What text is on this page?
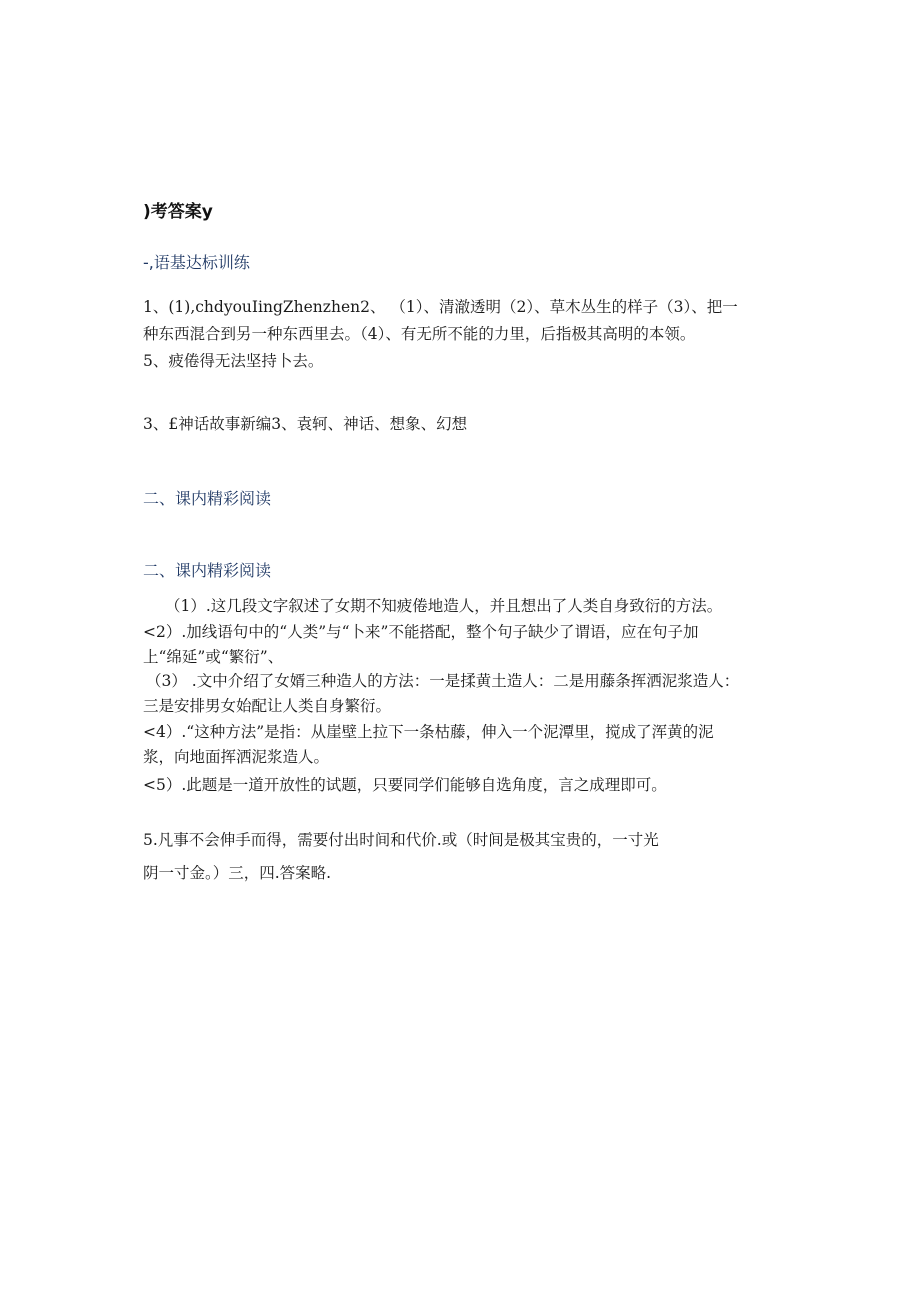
)考答案y

-,语基达标训练

1、(1),chdyouIingZhenzhen2、 （1）、清澈透明（2）、草木丛生的样子（3）、把一

种东西混合到另一种东西里去。（4）、有无所不能的力里，后指极其高明的本领。

5、疲倦得无法坚持卜去。

3、£神话故事新编3、袁轲、神话、想象、幻想

二、课内精彩阅读

二、课内精彩阅读

（1）.这几段文字叙述了女期不知疲倦地造人，并且想出了人类自身致衍的方法。

<2）.加线语句中的“人类”与“卜来”不能搭配，整个句子缺少了谓语，应在句子加

上“绵延”或“繁衍”、

（3） .文中介绍了女婿三种造人的方法：一是揉黄土造人：二是用藤条挥洒泥浆造人：

三是安排男女始配让人类自身繁衍。

<4）.“这种方法”是指：从崖壁上拉下一条枯藤，伸入一个泥潭里，搅成了浑黄的泥

浆，向地面挥洒泥浆造人。

<5）.此题是一道开放性的试题，只要同学们能够自选角度，言之成理即可。

5.凡事不会伸手而得，需要付出时间和代价.或（时间是极其宝贵的，一寸光

阴一寸金。）三，四.答案略.
